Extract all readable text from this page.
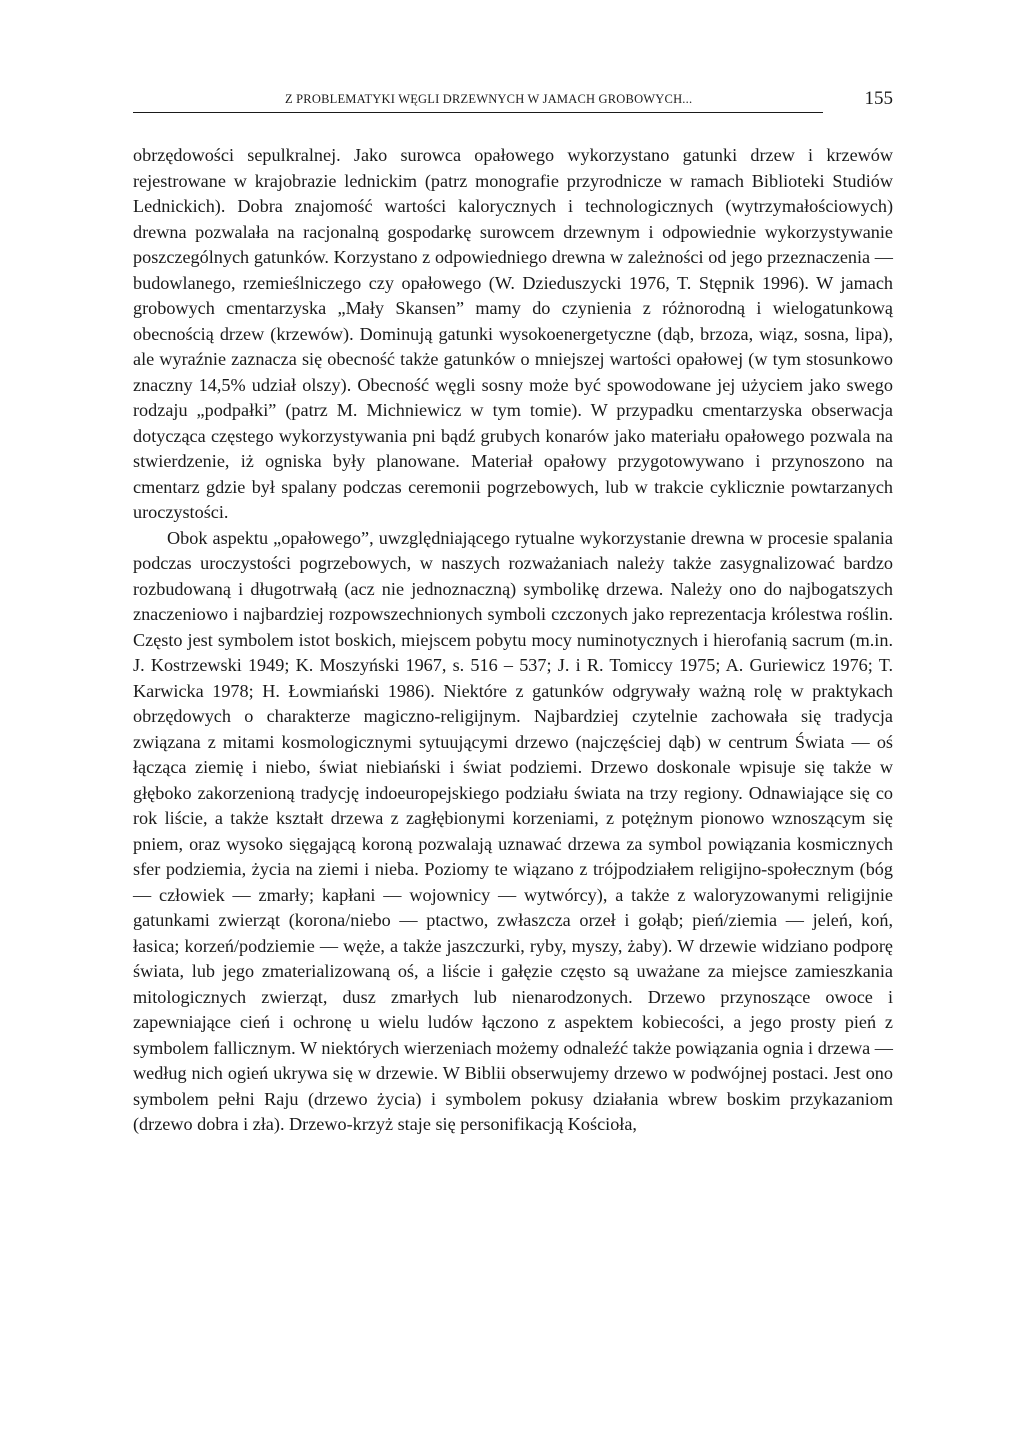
Z PROBLEMATYKI WĘGLI DRZEWNYCH W JAMACH GROBOWYCH...	155

obrzędowości sepulkralnej. Jako surowca opałowego wykorzystano gatunki drzew i krzewów rejestrowane w krajobrazie lednickim (patrz monografie przyrodnicze w ramach Biblioteki Studiów Lednickich). Dobra znajomość wartości kalorycznych i technologicznych (wytrzymałościowych) drewna pozwalała na racjonalną gospodarkę surowcem drzewnym i odpowiednie wykorzystywanie poszczególnych gatunków. Korzystano z odpowiedniego drewna w zależności od jego przeznaczenia — budowlanego, rzemieślniczego czy opałowego (W. Dzieduszycki 1976, T. Stępnik 1996). W jamach grobowych cmentarzyska „Mały Skansen” mamy do czynienia z różnorodną i wielogatunkową obecnością drzew (krzewów). Dominują gatunki wysokoenergetyczne (dąb, brzoza, wiąz, sosna, lipa), ale wyraźnie zaznacza się obecność także gatunków o mniejszej wartości opałowej (w tym stosunkowo znaczny 14,5% udział olszy). Obecność węgli sosny może być spowodowane jej użyciem jako swego rodzaju „podpałki” (patrz M. Michniewicz w tym tomie). W przypadku cmentarzyska obserwacja dotycząca częstego wykorzystywania pni bądź grubych konarów jako materiału opałowego pozwala na stwierdzenie, iż ogniska były planowane. Materiał opałowy przygotowywano i przynoszono na cmentarz gdzie był spalany podczas ceremonii pogrzebowych, lub w trakcie cyklicznie powtarzanych uroczystości.

Obok aspektu „opałowego”, uwzględniającego rytualne wykorzystanie drewna w procesie spalania podczas uroczystości pogrzebowych, w naszych rozważaniach należy także zasygnalizować bardzo rozbudowaną i długotrwałą (acz nie jednoznaczną) symbolikę drzewa. Należy ono do najbogatszych znaczeniowo i najbardziej rozpowszechnionych symboli czczonych jako reprezentacja królestwa roślin. Często jest symbolem istot boskich, miejscem pobytu mocy numinotycznych i hierofanią sacrum (m.in. J. Kostrzewski 1949; K. Moszyński 1967, s. 516 – 537; J. i R. Tomiccy 1975; A. Guriewicz 1976; T. Karwicka 1978; H. Łowmiański 1986). Niektóre z gatunków odgrywały ważną rolę w praktykach obrzędowych o charakterze magiczno-religijnym. Najbardziej czytelnie zachowała się tradycja związana z mitami kosmologicznymi sytuującymi drzewo (najczęściej dąb) w centrum Świata — oś łącząca ziemię i niebo, świat niebiański i świat podziemi. Drzewo doskonale wpisuje się także w głęboko zakorzenioną tradycję indoeuropejskiego podziału świata na trzy regiony. Odnawiające się co rok liście, a także kształt drzewa z zagłębionymi korzeniami, z potężnym pionowo wznoszącym się pniem, oraz wysoko sięgającą koroną pozwalają uznawać drzewa za symbol powiązania kosmicznych sfer podziemia, życia na ziemi i nieba. Poziomy te wiązano z trójpodziałem religijno-społecznym (bóg — człowiek — zmarły; kapłani — wojownicy — wytwórcy), a także z waloryzowanymi religijnie gatunkami zwierząt (korona/niebo — ptactwo, zwłaszcza orzeł i gołąb; pień/ziemia — jeleń, koń, łasica; korzeń/podziemie — węże, a także jaszczurki, ryby, myszy, żaby). W drzewie widziano podporę świata, lub jego zmaterializowaną oś, a liście i gałęzie często są uważane za miejsce zamieszkania mitologicznych zwierząt, dusz zmarłych lub nienarodzonych. Drzewo przynoszące owoce i zapewniające cień i ochronę u wielu ludów łączono z aspektem kobiecości, a jego prosty pień z symbolem fallicznym. W niektórych wierzeniach możemy odnaleźć także powiązania ognia i drzewa — według nich ogień ukrywa się w drzewie. W Biblii obserwujemy drzewo w podwójnej postaci. Jest ono symbolem pełni Raju (drzewo życia) i symbolem pokusy działania wbrew boskim przykazaniom (drzewo dobra i zła). Drzewo-krzyż staje się personifikacją Kościoła,
